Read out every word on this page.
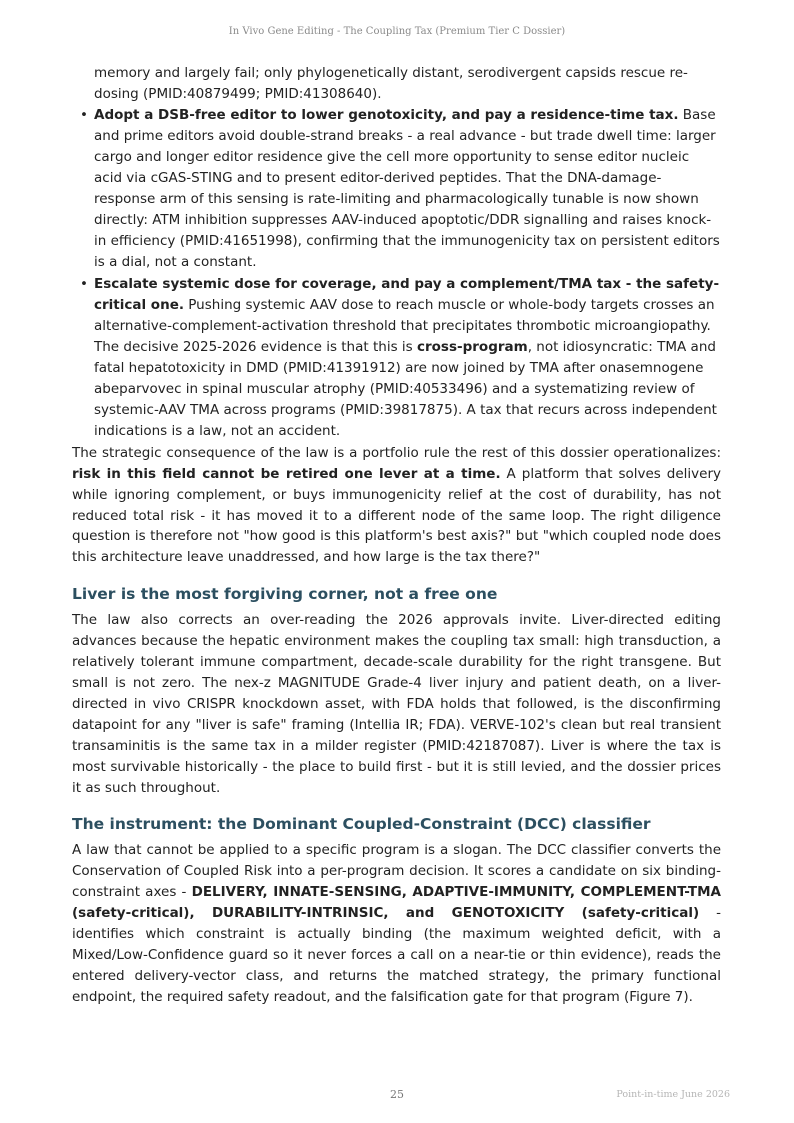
In Vivo Gene Editing - The Coupling Tax (Premium Tier C Dossier)

memory and largely fail; only phylogenetically distant, serodivergent capsids rescue re-dosing (PMID:40879499; PMID:41308640).

• Adopt a DSB-free editor to lower genotoxicity, and pay a residence-time tax. Base and prime editors avoid double-strand breaks - a real advance - but trade dwell time: larger cargo and longer editor residence give the cell more opportunity to sense editor nucleic acid via cGAS-STING and to present editor-derived peptides. That the DNA-damage-response arm of this sensing is rate-limiting and pharmacologically tunable is now shown directly: ATM inhibition suppresses AAV-induced apoptotic/DDR signalling and raises knock-in efficiency (PMID:41651998), confirming that the immunogenicity tax on persistent editors is a dial, not a constant.
• Escalate systemic dose for coverage, and pay a complement/TMA tax - the safety-critical one. Pushing systemic AAV dose to reach muscle or whole-body targets crosses an alternative-complement-activation threshold that precipitates thrombotic microangiopathy. The decisive 2025-2026 evidence is that this is cross-program, not idiosyncratic: TMA and fatal hepatotoxicity in DMD (PMID:41391912) are now joined by TMA after onasemnogene abeparvovec in spinal muscular atrophy (PMID:40533496) and a systematizing review of systemic-AAV TMA across programs (PMID:39817875). A tax that recurs across independent indications is a law, not an accident.

The strategic consequence of the law is a portfolio rule the rest of this dossier operationalizes: risk in this field cannot be retired one lever at a time. A platform that solves delivery while ignoring complement, or buys immunogenicity relief at the cost of durability, has not reduced total risk - it has moved it to a different node of the same loop. The right diligence question is therefore not "how good is this platform's best axis?" but "which coupled node does this architecture leave unaddressed, and how large is the tax there?"

Liver is the most forgiving corner, not a free one

The law also corrects an over-reading the 2026 approvals invite. Liver-directed editing advances because the hepatic environment makes the coupling tax small: high transduction, a relatively tolerant immune compartment, decade-scale durability for the right transgene. But small is not zero. The nex-z MAGNITUDE Grade-4 liver injury and patient death, on a liver-directed in vivo CRISPR knockdown asset, with FDA holds that followed, is the disconfirming datapoint for any "liver is safe" framing (Intellia IR; FDA). VERVE-102's clean but real transient transaminitis is the same tax in a milder register (PMID:42187087). Liver is where the tax is most survivable historically - the place to build first - but it is still levied, and the dossier prices it as such throughout.

The instrument: the Dominant Coupled-Constraint (DCC) classifier

A law that cannot be applied to a specific program is a slogan. The DCC classifier converts the Conservation of Coupled Risk into a per-program decision. It scores a candidate on six binding-constraint axes - DELIVERY, INNATE-SENSING, ADAPTIVE-IMMUNITY, COMPLEMENT-TMA (safety-critical), DURABILITY-INTRINSIC, and GENOTOXICITY (safety-critical) - identifies which constraint is actually binding (the maximum weighted deficit, with a Mixed/Low-Confidence guard so it never forces a call on a near-tie or thin evidence), reads the entered delivery-vector class, and returns the matched strategy, the primary functional endpoint, the required safety readout, and the falsification gate for that program (Figure 7).

25	Point-in-time June 2026
